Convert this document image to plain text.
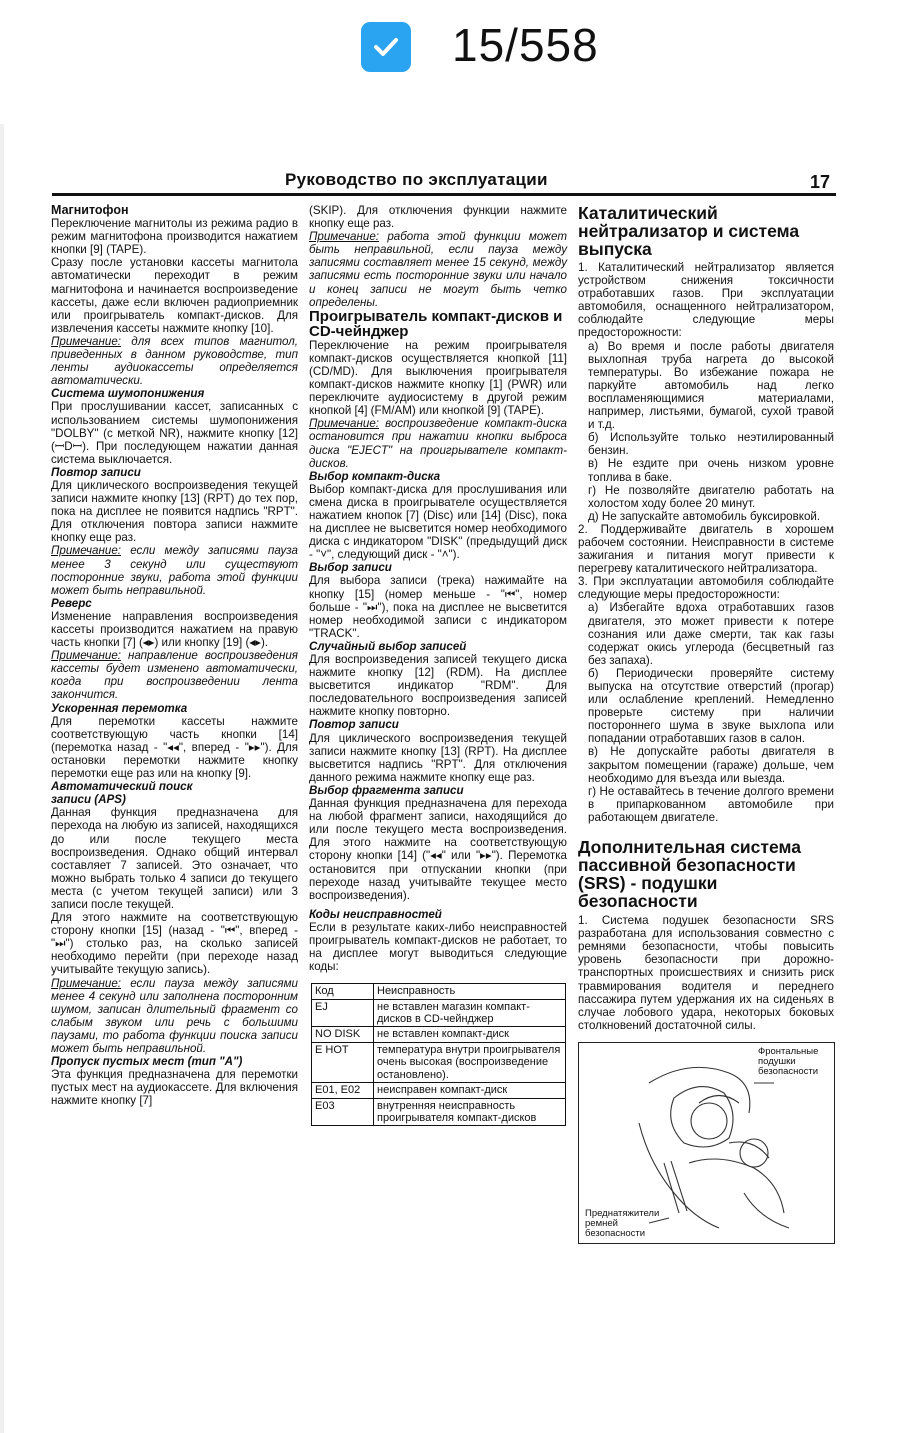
15/558
Руководство по эксплуатации	17

Магнитофон

Переключение магнитолы из режима радио в режим магнитофона производится нажатием кнопки [9] (TAPE).

Сразу после установки кассеты магнитола автоматически переходит в режим магнитофона и начинается воспроизведение кассеты, даже если включен радиоприемник или проигрыватель компакт-дисков. Для извлечения кассеты нажмите кнопку [10].

Примечание: для всех типов магнитол, приведенных в данном руководстве, тип ленты аудиокассеты определяется автоматически.

Система шумопонижения

При прослушивании кассет, записанных с использованием системы шумопонижения "DOLBY" (с меткой NR), нажмите кнопку [12] (ꟷDꟷ). При последующем нажатии данная система выключается.

Повтор записи

Для циклического воспроизведения текущей записи нажмите кнопку [13] (RPT) до тех пор, пока на дисплее не появится надпись "RPT". Для отключения повтора записи нажмите кнопку еще раз.

Примечание: если между записями пауза менее 3 секунд или существуют посторонние звуки, работа этой функции может быть неправильной.

Реверс

Изменение направления воспроизведения кассеты производится нажатием на правую часть кнопки [7] (◂▸) или кнопку [19] (◂▸).

Примечание: направление воспроизведения кассеты будет изменено автоматически, когда при воспроизведении лента закончится.

Ускоренная перемотка

Для перемотки кассеты нажмите соответствующую часть кнопки [14] (перемотка назад - "◂◂", вперед - "▸▸"). Для остановки перемотки нажмите кнопку перемотки еще раз или на кнопку [9].

Автоматический поиск

записи (APS)

Данная функция предназначена для перехода на любую из записей, находящихся до или после текущего места воспроизведения. Однако общий интервал составляет 7 записей. Это означает, что можно выбрать только 4 записи до текущего места (с учетом текущей записи) или 3 записи после текущей.

Для этого нажмите на соответствующую сторону кнопки [15] (назад - "⏮", вперед - "⏭") столько раз, на сколько записей необходимо перейти (при переходе назад учитывайте текущую запись).

Примечание: если пауза между записями менее 4 секунд или заполнена посторонним шумом, записан длительный фрагмент со слабым звуком или речь с большими паузами, то работа функции поиска записи может быть неправильной.

Пропуск пустых мест (тип "A")

Эта функция предназначена для перемотки пустых мест на аудиокассете. Для включения нажмите кнопку [7]

(SKIP). Для отключения функции нажмите кнопку еще раз.

Примечание: работа этой функции может быть неправильной, если пауза между записями составляет менее 15 секунд, между записями есть посторонние звуки или начало и конец записи не могут быть четко определены.

Проигрыватель компакт-дисков и CD-чейнджер

Переключение на режим проигрывателя компакт-дисков осуществляется кнопкой [11] (CD/MD). Для выключения проигрывателя компакт-дисков нажмите кнопку [1] (PWR) или переключите аудиосистему в другой режим кнопкой [4] (FM/AM) или кнопкой [9] (TAPE).

Примечание: воспроизведение компакт-диска остановится при нажатии кнопки выброса диска "EJECT" на проигрывателе компакт-дисков.

Выбор компакт-диска

Выбор компакт-диска для прослушивания или смена диска в проигрывателе осуществляется нажатием кнопок [7] (Disc) или [14] (Disc), пока на дисплее не высветится номер необходимого диска с индикатором "DISK" (предыдущий диск - "˅", следующий диск - "˄").

Выбор записи

Для выбора записи (трека) нажимайте на кнопку [15] (номер меньше - "⏮", номер больше - "⏭"), пока на дисплее не высветится номер необходимой записи с индикатором "TRACK".

Случайный выбор записей

Для воспроизведения записей текущего диска нажмите кнопку [12] (RDM). На дисплее высветится индикатор "RDM". Для последовательного воспроизведения записей нажмите кнопку повторно.

Повтор записи

Для циклического воспроизведения текущей записи нажмите кнопку [13] (RPT). На дисплее высветится надпись "RPT". Для отключения данного режима нажмите кнопку еще раз.

Выбор фрагмента записи

Данная функция предназначена для перехода на любой фрагмент записи, находящийся до или после текущего места воспроизведения. Для этого нажмите на соответствующую сторону кнопки [14] ("◂◂" или "▸▸"). Перемотка остановится при отпускании кнопки (при переходе назад учитывайте текущее место воспроизведения).

Коды неисправностей

Если в результате каких-либо неисправностей проигрыватель компакт-дисков не работает, то на дисплее могут выводиться следующие коды:

Код	Неисправность
EJ	не вставлен магазин компакт-дисков в CD-чейнджер
NO DISK	не вставлен компакт-диск
E HOT	температура внутри проигрывателя очень высокая (воспроизведение остановлено).
E01, E02	неисправен компакт-диск
E03	внутренняя неисправность проигрывателя компакт-дисков

Каталитический нейтрализатор и система выпуска

1. Каталитический нейтрализатор является устройством снижения токсичности отработавших газов. При эксплуатации автомобиля, оснащенного нейтрализатором, соблюдайте следующие меры предосторожности:

а) Во время и после работы двигателя выхлопная труба нагрета до высокой температуры. Во избежание пожара не паркуйте автомобиль над легко воспламеняющимися материалами, например, листьями, бумагой, сухой травой и т.д.

б) Используйте только неэтилированный бензин.

в) Не ездите при очень низком уровне топлива в баке.

г) Не позволяйте двигателю работать на холостом ходу более 20 минут.

д) Не запускайте автомобиль буксировкой.

2. Поддерживайте двигатель в хорошем рабочем состоянии. Неисправности в системе зажигания и питания могут привести к перегреву каталитического нейтрализатора.

3. При эксплуатации автомобиля соблюдайте следующие меры предосторожности:

а) Избегайте вдоха отработавших газов двигателя, это может привести к потере сознания или даже смерти, так как газы содержат окись углерода (бесцветный газ без запаха).

б) Периодически проверяйте систему выпуска на отсутствие отверстий (прогар) или ослабление креплений. Немедленно проверьте систему при наличии постороннего шума в звуке выхлопа или попадании отработавших газов в салон.

в) Не допускайте работы двигателя в закрытом помещении (гараже) дольше, чем необходимо для въезда или выезда.

г) Не оставайтесь в течение долгого времени в припаркованном автомобиле при работающем двигателе.

Дополнительная система пассивной безопасности (SRS) - подушки безопасности

1. Система подушек безопасности SRS разработана для использования совместно с ремнями безопасности, чтобы повысить уровень безопасности при дорожно-транспортных происшествиях и снизить риск травмирования водителя и переднего пассажира путем удержания их на сиденьях в случае лобового удара, некоторых боковых столкновений достаточной силы.

Фронтальные подушки безопасности
Преднатяжители ремней безопасности
